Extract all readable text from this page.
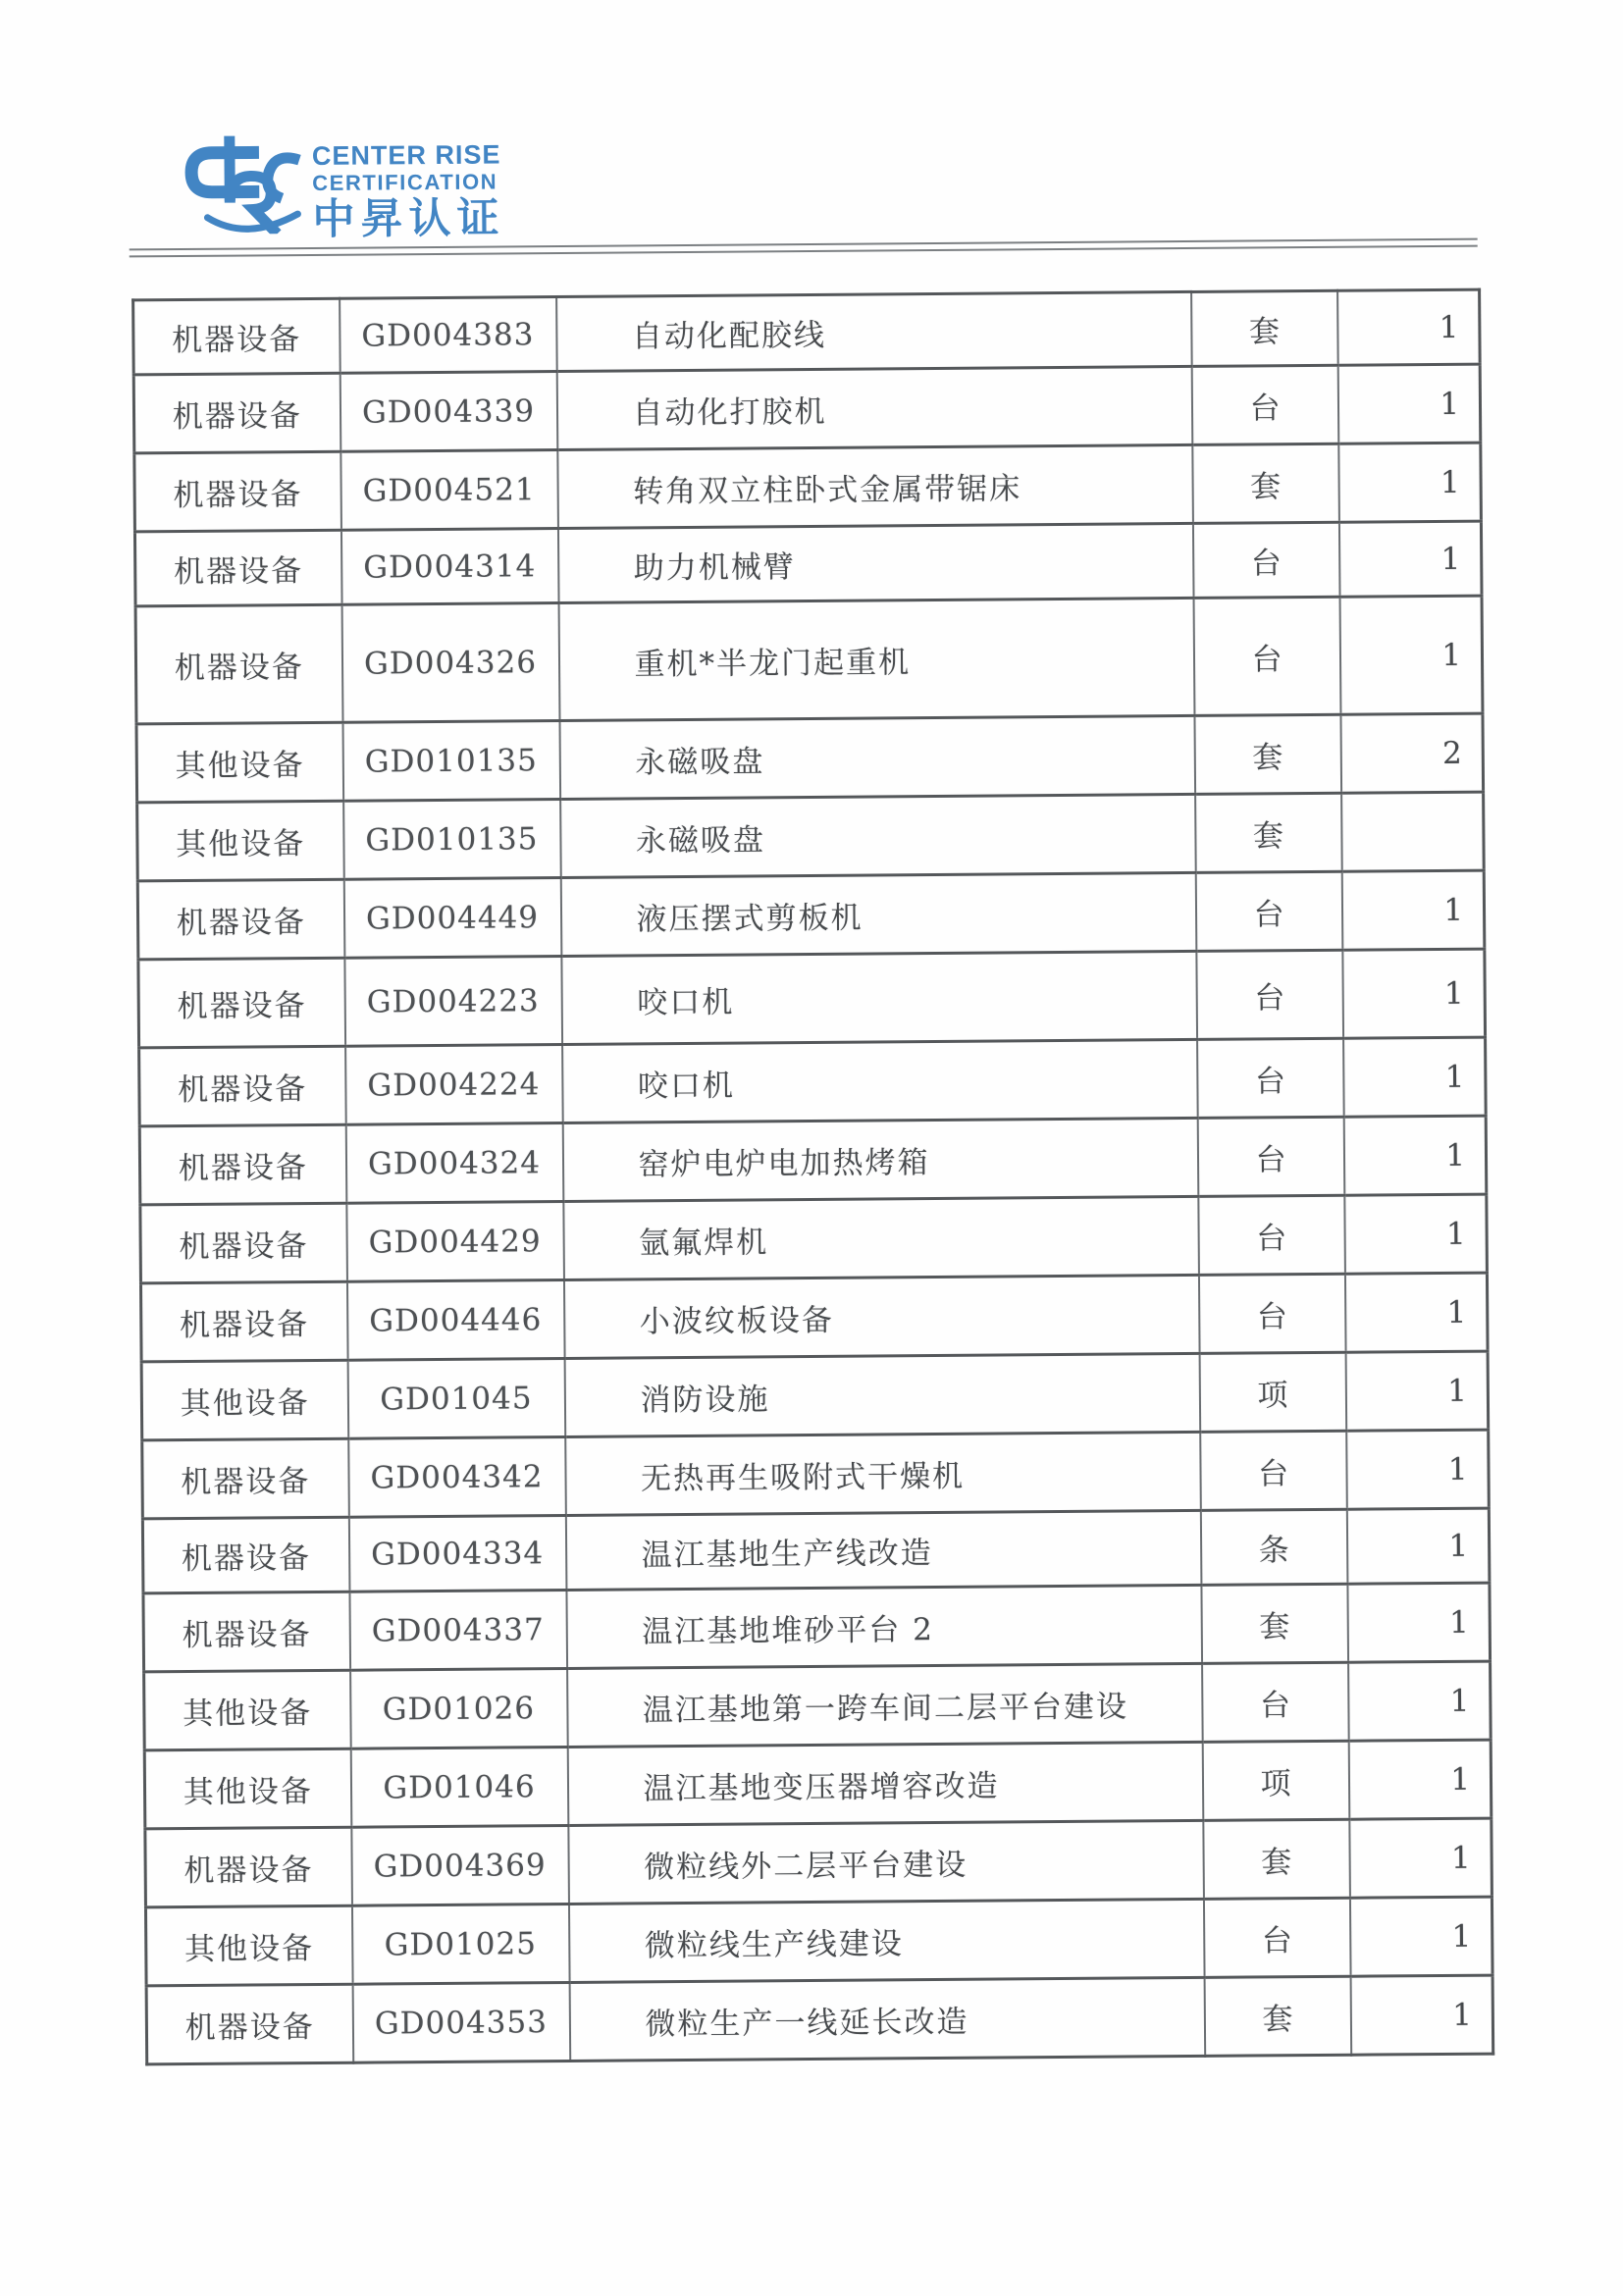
CENTER RISE
CERTIFICATION
中昇认证
机器设备	GD004383	自动化配胶线	套	1
机器设备	GD004339	自动化打胶机	台	1
机器设备	GD004521	转角双立柱卧式金属带锯床	套	1
机器设备	GD004314	助力机械臂	台	1
机器设备	GD004326	重机*半龙门起重机	台	1
其他设备	GD010135	永磁吸盘	套	2
其他设备	GD010135	永磁吸盘	套	
机器设备	GD004449	液压摆式剪板机	台	1
机器设备	GD004223	咬口机	台	1
机器设备	GD004224	咬口机	台	1
机器设备	GD004324	窑炉电炉电加热烤箱	台	1
机器设备	GD004429	氩氟焊机	台	1
机器设备	GD004446	小波纹板设备	台	1
其他设备	GD01045	消防设施	项	1
机器设备	GD004342	无热再生吸附式干燥机	台	1
机器设备	GD004334	温江基地生产线改造	条	1
机器设备	GD004337	温江基地堆砂平台 2	套	1
其他设备	GD01026	温江基地第一跨车间二层平台建设	台	1
其他设备	GD01046	温江基地变压器增容改造	项	1
机器设备	GD004369	微粒线外二层平台建设	套	1
其他设备	GD01025	微粒线生产线建设	台	1
机器设备	GD004353	微粒生产一线延长改造	套	1
